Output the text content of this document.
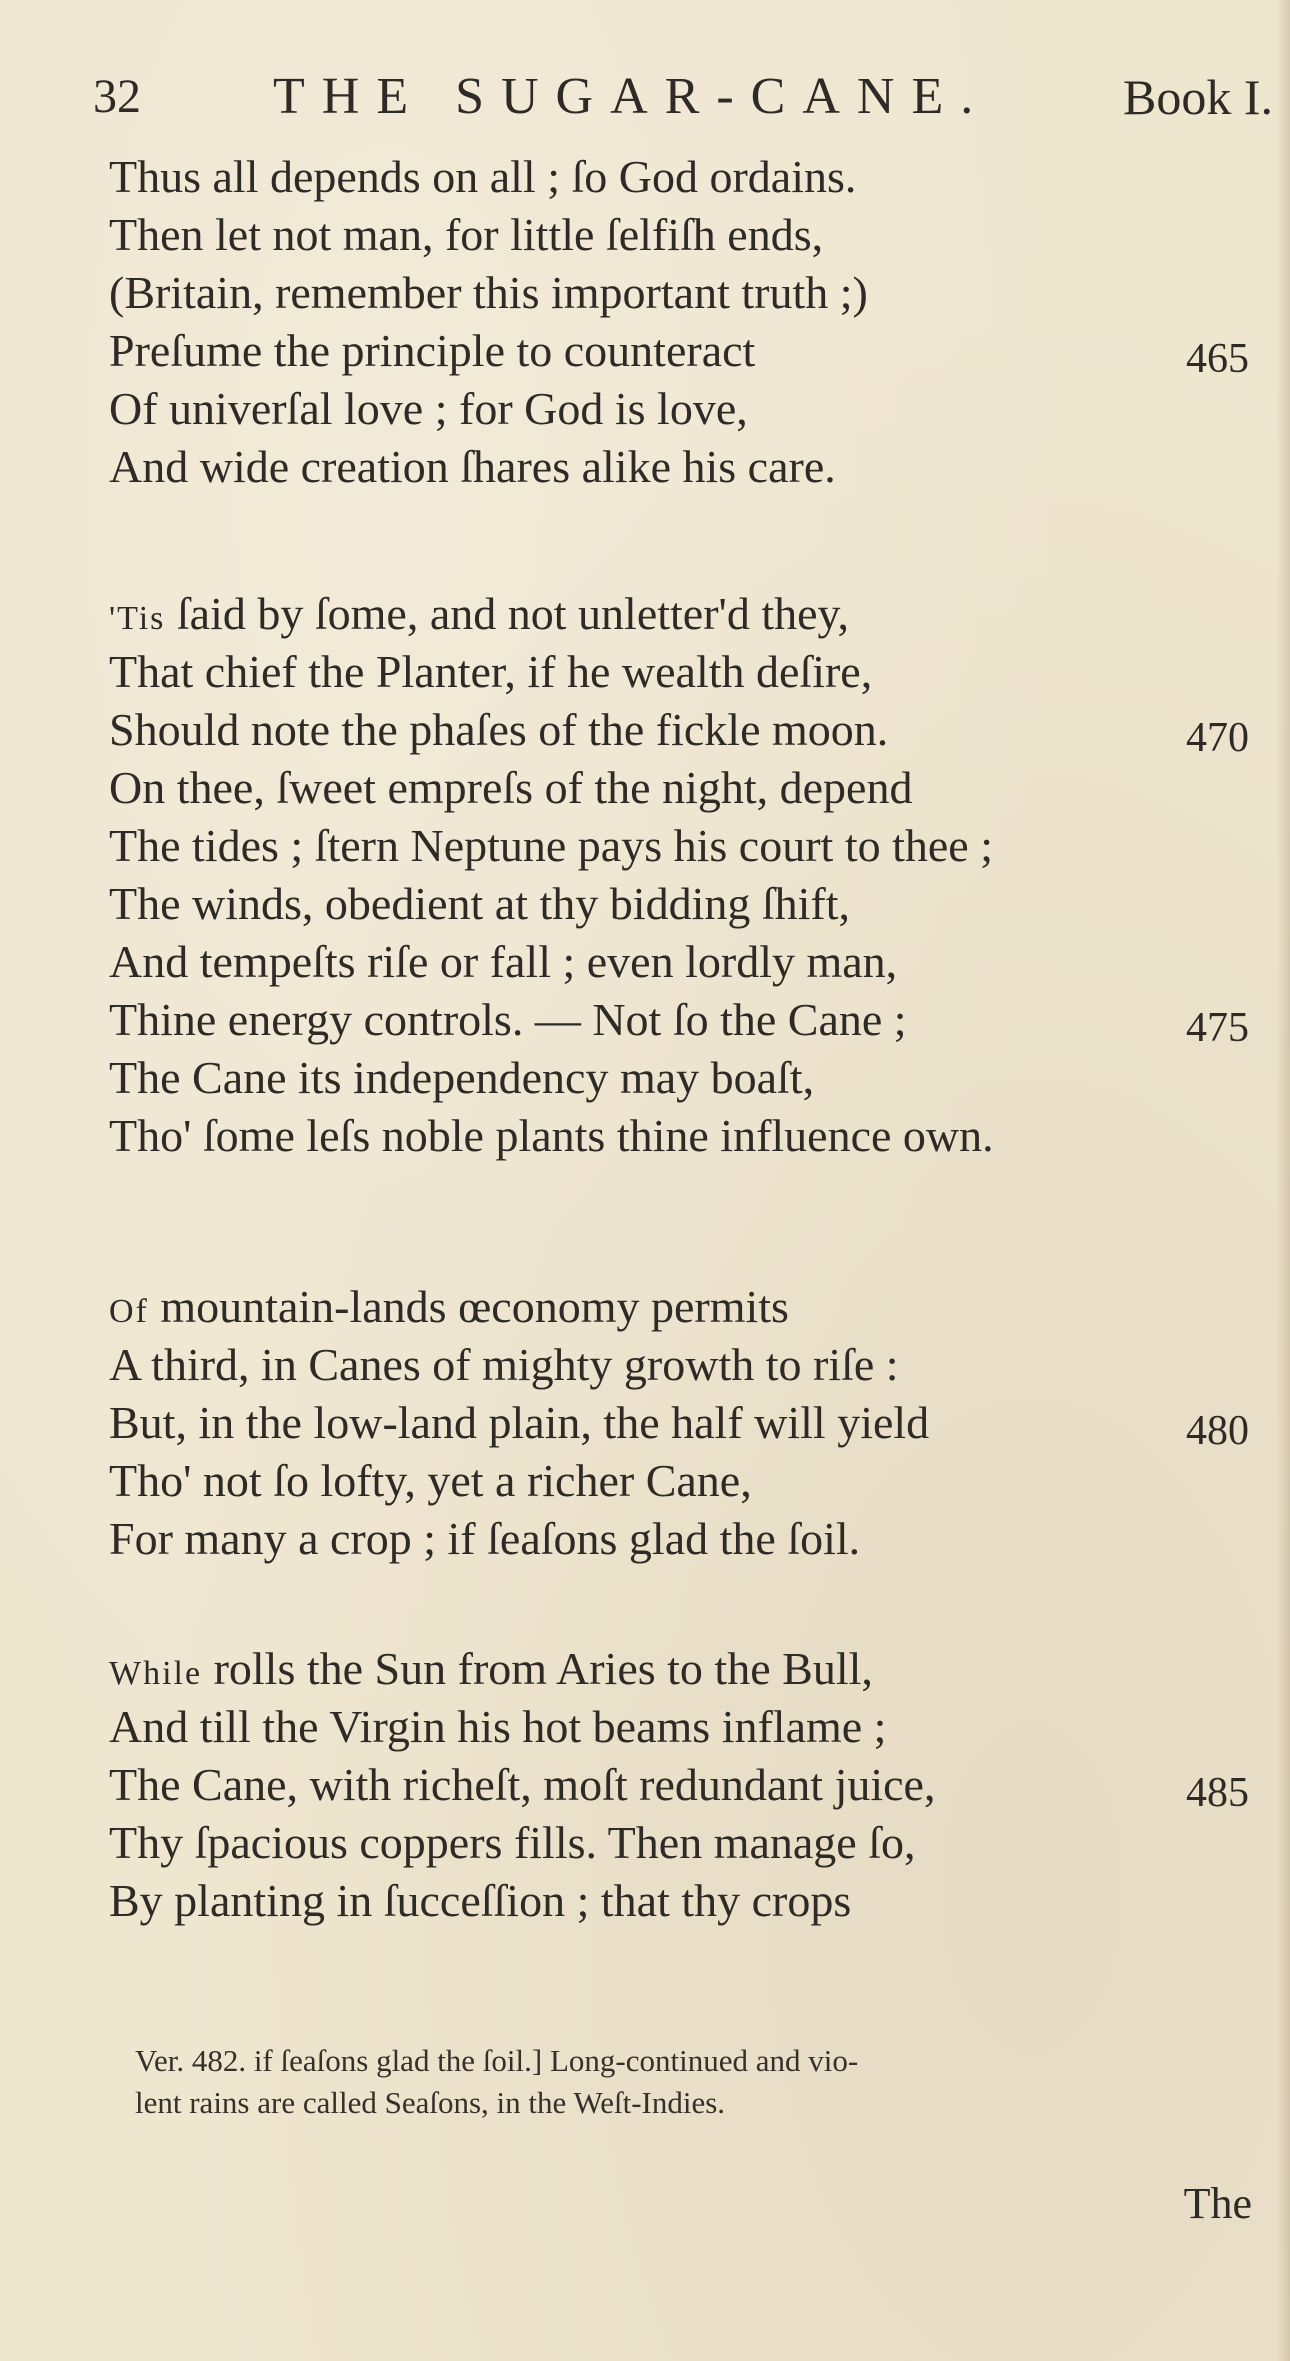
32	THE SUGAR-CANE.	Book I.
Thus all depends on all ; ſo God ordains.
Then let not man, for little ſelfiſh ends,
(Britain, remember this important truth ;)
Preſume the principle to counteract	465
Of univerſal love ; for God is love,
And wide creation ſhares alike his care.
'Tis ſaid by ſome, and not unletter'd they,
That chief the Planter, if he wealth deſire,
Should note the phaſes of the fickle moon.	470
On thee, ſweet empreſs of the night, depend
The tides ; ſtern Neptune pays his court to thee ;
The winds, obedient at thy bidding ſhift,
And tempeſts riſe or fall ; even lordly man,
Thine energy controls. — Not ſo the Cane ;	475
The Cane its independency may boaſt,
Tho' ſome leſs noble plants thine influence own.
Of mountain-lands œconomy permits
A third, in Canes of mighty growth to riſe :
But, in the low-land plain, the half will yield	480
Tho' not ſo lofty, yet a richer Cane,
For many a crop ; if ſeaſons glad the ſoil.
While rolls the Sun from Aries to the Bull,
And till the Virgin his hot beams inflame ;
The Cane, with richeſt, moſt redundant juice,	485
Thy ſpacious coppers fills. Then manage ſo,
By planting in ſucceſſion ; that thy crops
Ver. 482. if ſeaſons glad the ſoil.] Long-continued and vio-
lent rains are called Seaſons, in the Weſt-Indies.
The
